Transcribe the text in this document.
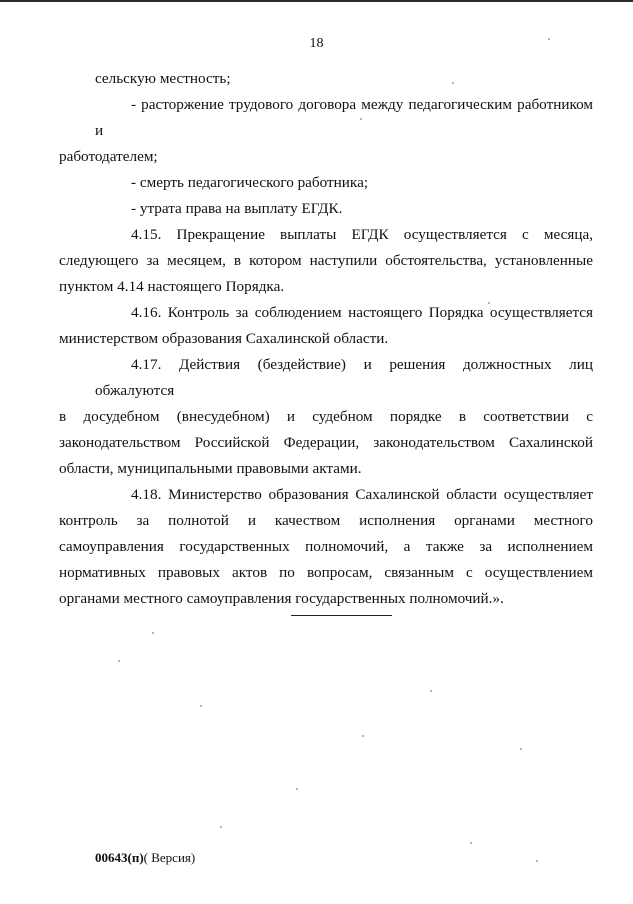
18

сельскую местность;

- расторжение трудового договора между педагогическим работником и
работодателем;

- смерть педагогического работника;

- утрата права на выплату ЕГДК.

4.15. Прекращение выплаты ЕГДК осуществляется с месяца,
следующего за месяцем, в котором наступили обстоятельства, установленные
пунктом 4.14 настоящего Порядка.

4.16. Контроль за соблюдением настоящего Порядка осуществляется
министерством образования Сахалинской области.

4.17. Действия (бездействие) и решения должностных лиц обжалуются
в досудебном (внесудебном) и судебном порядке в соответствии с
законодательством Российской Федерации, законодательством Сахалинской
области, муниципальными правовыми актами.

4.18. Министерство образования Сахалинской области осуществляет
контроль за полнотой и качеством исполнения органами местного
самоуправления государственных полномочий, а также за исполнением
нормативных правовых актов по вопросам, связанным с осуществлением
органами местного самоуправления государственных полномочий.».

00643(п)( Версия)
